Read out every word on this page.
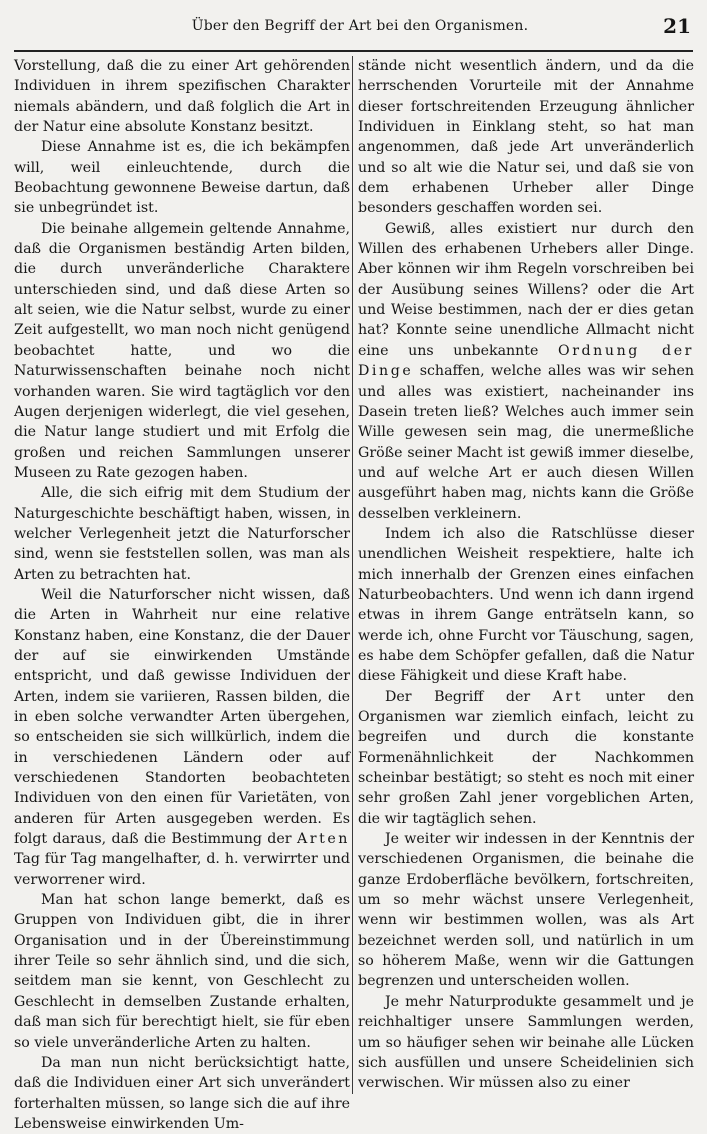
Über den Begriff der Art bei den Organismen.	21

Vorstellung, daß die zu einer Art gehörenden Individuen in ihrem spezifischen Charakter niemals abändern, und daß folglich die Art in der Natur eine absolute Konstanz besitzt.

Diese Annahme ist es, die ich bekämpfen will, weil einleuchtende, durch die Beobachtung gewonnene Beweise dartun, daß sie unbegründet ist.

Die beinahe allgemein geltende Annahme, daß die Organismen beständig Arten bilden, die durch unveränderliche Charaktere unterschieden sind, und daß diese Arten so alt seien, wie die Natur selbst, wurde zu einer Zeit aufgestellt, wo man noch nicht genügend beobachtet hatte, und wo die Naturwissenschaften beinahe noch nicht vorhanden waren. Sie wird tagtäglich vor den Augen derjenigen widerlegt, die viel gesehen, die Natur lange studiert und mit Erfolg die großen und reichen Sammlungen unserer Museen zu Rate gezogen haben.

Alle, die sich eifrig mit dem Studium der Naturgeschichte beschäftigt haben, wissen, in welcher Verlegenheit jetzt die Naturforscher sind, wenn sie feststellen sollen, was man als Arten zu betrachten hat.

Weil die Naturforscher nicht wissen, daß die Arten in Wahrheit nur eine relative Konstanz haben, eine Konstanz, die der Dauer der auf sie einwirkenden Umstände entspricht, und daß gewisse Individuen der Arten, indem sie variieren, Rassen bilden, die in eben solche verwandter Arten übergehen, so entscheiden sie sich willkürlich, indem die in verschiedenen Ländern oder auf verschiedenen Standorten beobachteten Individuen von den einen für Varietäten, von anderen für Arten ausgegeben werden. Es folgt daraus, daß die Bestimmung der Arten Tag für Tag mangelhafter, d. h. verwirrter und verworrener wird.

Man hat schon lange bemerkt, daß es Gruppen von Individuen gibt, die in ihrer Organisation und in der Übereinstimmung ihrer Teile so sehr ähnlich sind, und die sich, seitdem man sie kennt, von Geschlecht zu Geschlecht in demselben Zustande erhalten, daß man sich für berechtigt hielt, sie für eben so viele unveränderliche Arten zu halten.

Da man nun nicht berücksichtigt hatte, daß die Individuen einer Art sich unverändert forterhalten müssen, so lange sich die auf ihre Lebensweise einwirkenden Um-

stände nicht wesentlich ändern, und da die herrschenden Vorurteile mit der Annahme dieser fortschreitenden Erzeugung ähnlicher Individuen in Einklang steht, so hat man angenommen, daß jede Art unveränderlich und so alt wie die Natur sei, und daß sie von dem erhabenen Urheber aller Dinge besonders geschaffen worden sei.

Gewiß, alles existiert nur durch den Willen des erhabenen Urhebers aller Dinge. Aber können wir ihm Regeln vorschreiben bei der Ausübung seines Willens? oder die Art und Weise bestimmen, nach der er dies getan hat? Konnte seine unendliche Allmacht nicht eine uns unbekannte Ordnung der Dinge schaffen, welche alles was wir sehen und alles was existiert, nacheinander ins Dasein treten ließ? Welches auch immer sein Wille gewesen sein mag, die unermeßliche Größe seiner Macht ist gewiß immer dieselbe, und auf welche Art er auch diesen Willen ausgeführt haben mag, nichts kann die Größe desselben verkleinern.

Indem ich also die Ratschlüsse dieser unendlichen Weisheit respektiere, halte ich mich innerhalb der Grenzen eines einfachen Naturbeobachters. Und wenn ich dann irgend etwas in ihrem Gange enträtseln kann, so werde ich, ohne Furcht vor Täuschung, sagen, es habe dem Schöpfer gefallen, daß die Natur diese Fähigkeit und diese Kraft habe.

Der Begriff der Art unter den Organismen war ziemlich einfach, leicht zu begreifen und durch die konstante Formenähnlichkeit der Nachkommen scheinbar bestätigt; so steht es noch mit einer sehr großen Zahl jener vorgeblichen Arten, die wir tagtäglich sehen.

Je weiter wir indessen in der Kenntnis der verschiedenen Organismen, die beinahe die ganze Erdoberfläche bevölkern, fortschreiten, um so mehr wächst unsere Verlegenheit, wenn wir bestimmen wollen, was als Art bezeichnet werden soll, und natürlich in um so höherem Maße, wenn wir die Gattungen begrenzen und unterscheiden wollen.

Je mehr Naturprodukte gesammelt und je reichhaltiger unsere Sammlungen werden, um so häufiger sehen wir beinahe alle Lücken sich ausfüllen und unsere Scheidelinien sich verwischen. Wir müssen also zu einer
